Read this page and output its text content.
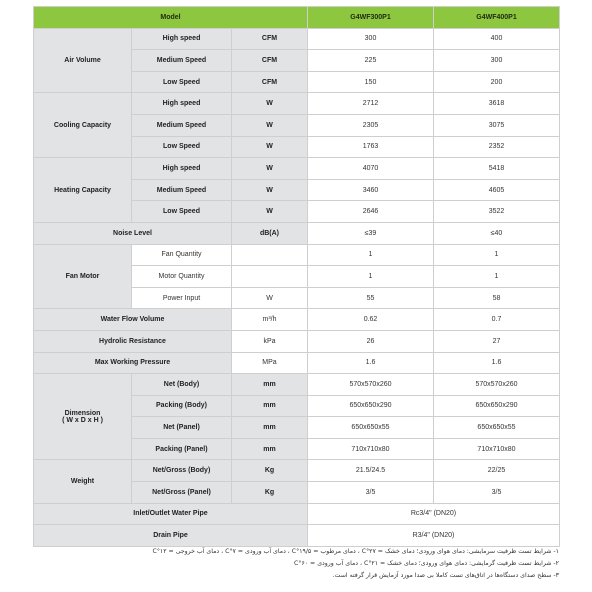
Model			G4WF300P1	G4WF400P1
Air Volume	High speed	CFM	300	400
	Medium Speed	CFM	225	300
	Low Speed	CFM	150	200
Cooling Capacity	High speed	W	2712	3618
	Medium Speed	W	2305	3075
	Low Speed	W	1763	2352
Heating Capacity	High speed	W	4070	5418
	Medium Speed	W	3460	4605
	Low Speed	W	2646	3522
Noise Level		dB(A)	≤39	≤40
Fan Motor	Fan Quantity		1	1
	Motor Quantity		1	1
	Power Input	W	55	58
Water Flow Volume		m³/h	0.62	0.7
Hydrolic Resistance		kPa	26	27
Max Working Pressure		MPa	1.6	1.6

Dimension
( W x D x H )	Net (Body)	mm	570x570x260	570x570x260
	Packing (Body)	mm	650x650x290	650x650x290
	Net (Panel)	mm	650x650x55	650x650x55
	Packing (Panel)	mm	710x710x80	710x710x80
Weight	Net/Gross (Body)	Kg	21.5/24.5	22/25
	Net/Gross (Panel)	Kg	3/5	3/5
Inlet/Outlet Water Pipe			Rc3/4" (DN20)	
Drain Pipe			R3/4" (DN20)	
۱- شرایط تست ظرفیت سرمایشی: دمای هوای ورودی؛ دمای خشک = ۲۷°C ، دمای مرطوب = ۱۹/۵°C ، دمای آب ورودی = ۷°C ، دمای آب خروجی = ۱۲°C
۲- شرایط تست ظرفیت گرمایشی: دمای هوای ورودی؛ دمای خشک = ۲۱°C ، دمای آب ورودی = ۶۰°C
۳- سطح صدای دستگاه‌ها در اتاق‌های تست کاملا بی صدا مورد آزمایش قرار گرفته است.
